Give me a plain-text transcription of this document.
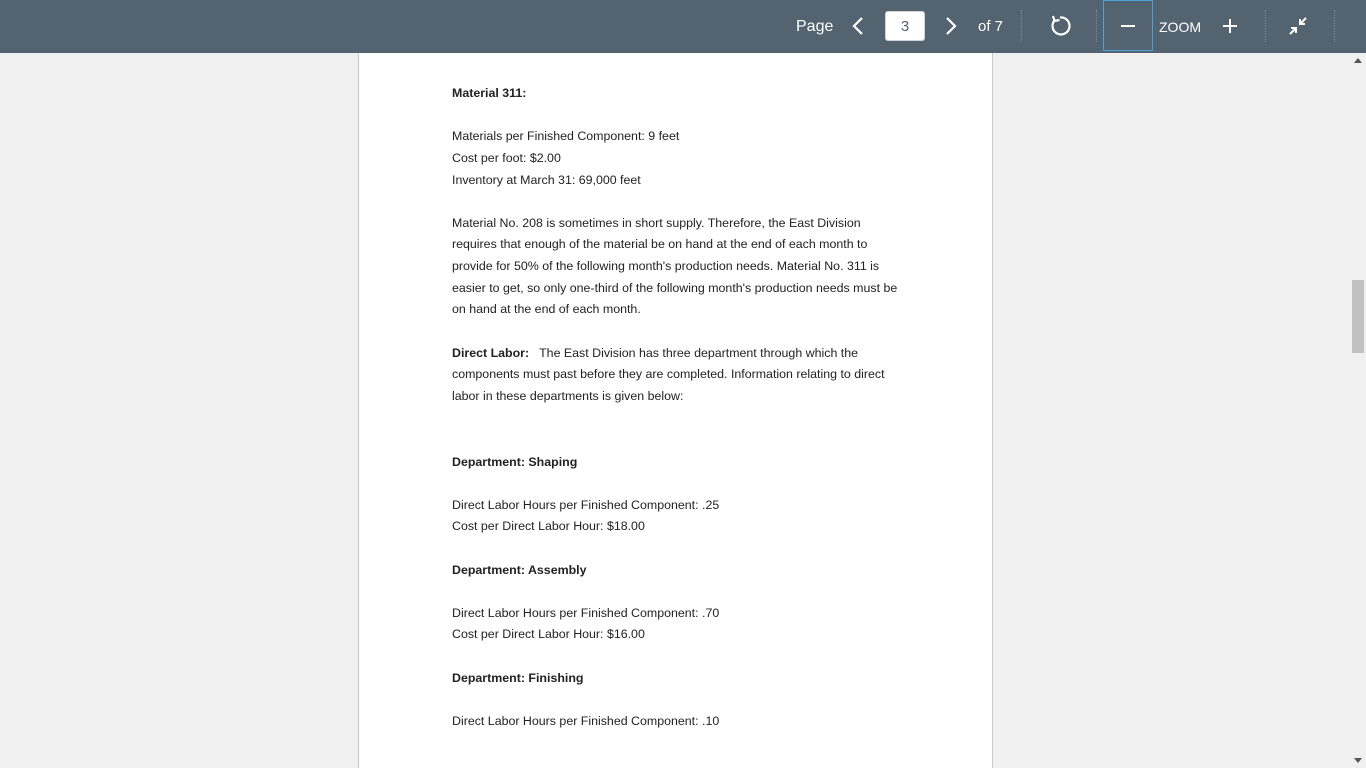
Page
3	of 7	ZOOM
Material 311:
Materials per Finished Component: 9 feet
Cost per foot: $2.00
Inventory at March 31: 69,000 feet
Material No. 208 is sometimes in short supply. Therefore, the East Division
requires that enough of the material be on hand at the end of each month to
provide for 50% of the following month's production needs. Material No. 311 is
easier to get, so only one-third of the following month's production needs must be
on hand at the end of each month.
Direct Labor: The East Division has three department through which the
components must past before they are completed. Information relating to direct
labor in these departments is given below:
Department: Shaping
Direct Labor Hours per Finished Component: .25
Cost per Direct Labor Hour: $18.00
Department: Assembly
Direct Labor Hours per Finished Component: .70
Cost per Direct Labor Hour: $16.00
Department: Finishing
Direct Labor Hours per Finished Component: .10
